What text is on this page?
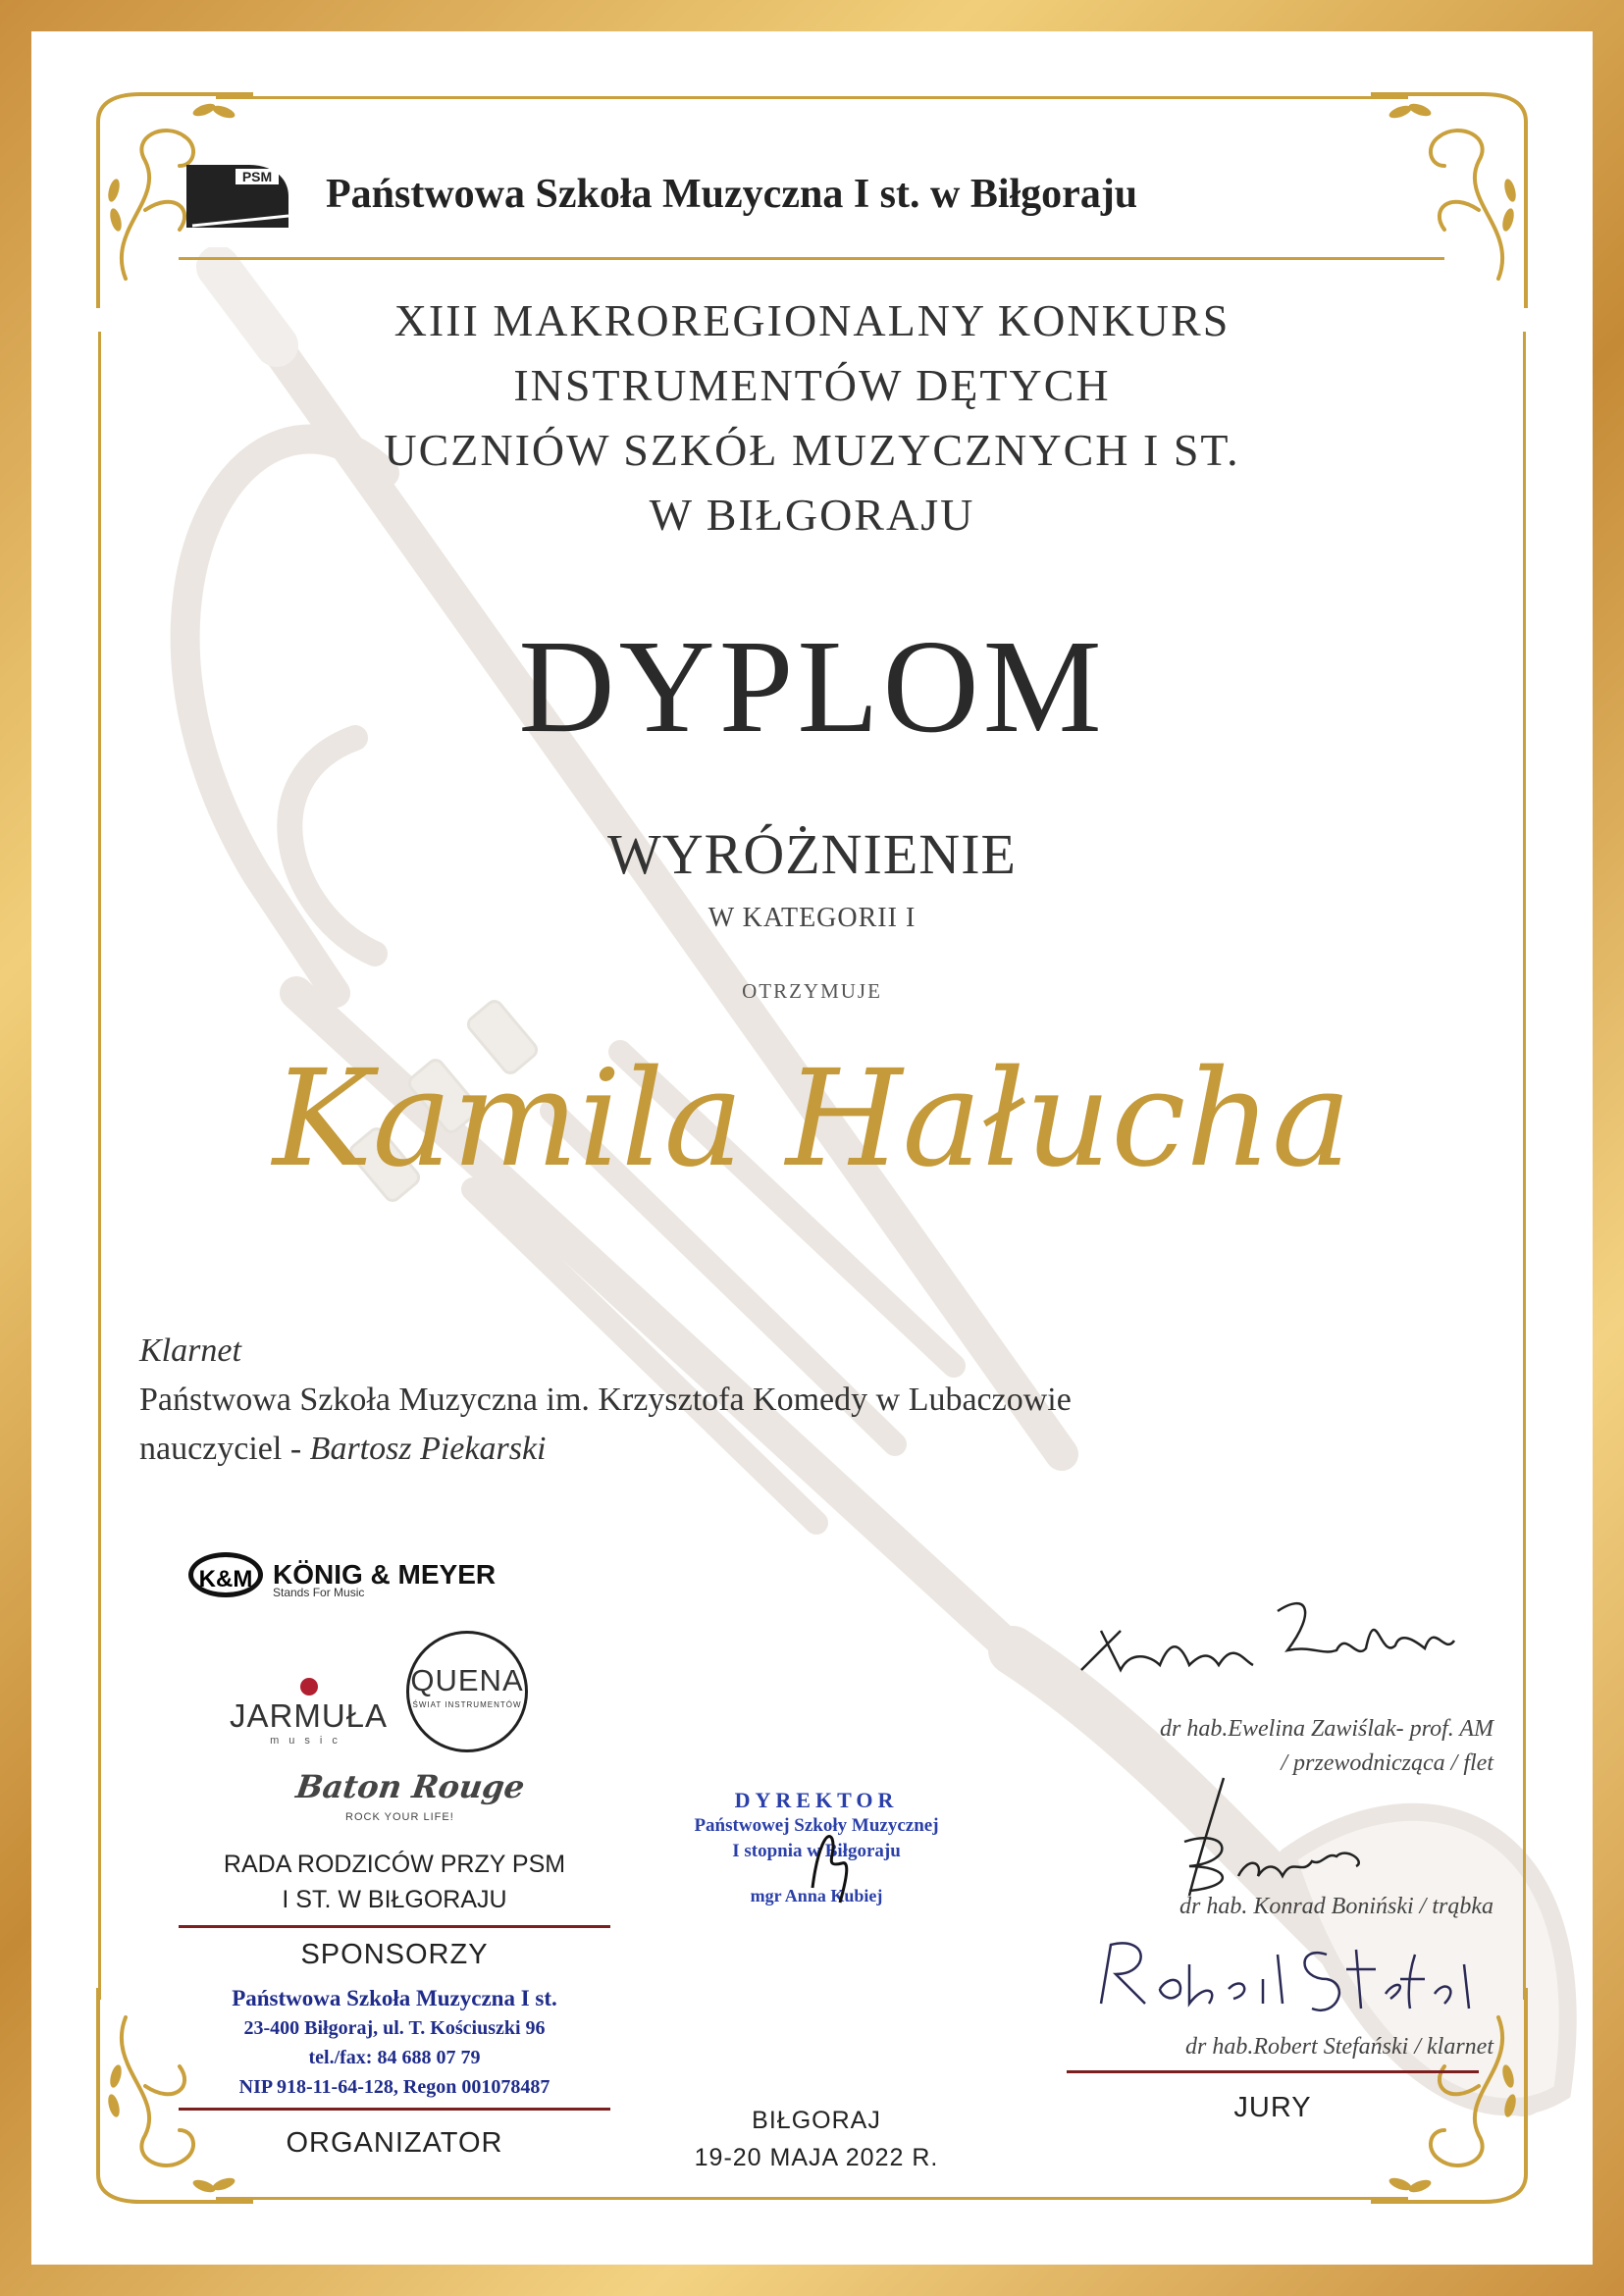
PSM Państwowa Szkoła Muzyczna I st. w Biłgoraju
XIII MAKROREGIONALNY KONKURS
INSTRUMENTÓW DĘTYCH
UCZNIÓW SZKÓŁ MUZYCZNYCH I ST.
W BIŁGORAJU
DYPLOM
WYRÓŻNIENIE
W KATEGORII I
OTRZYMUJE
Kamila Hałucha
Klarnet
Państwowa Szkoła Muzyczna im. Krzysztofa Komedy w Lubaczowie
nauczyciel - Bartosz Piekarski
K&M KÖNIG & MEYER
Stands For Music
JARMUŁA
music
QUENA
ŚWIAT INSTRUMENTÓW
Baton Rouge
ROCK YOUR LIFE!
RADA RODZICÓW PRZY PSM
I ST. W BIŁGORAJU
SPONSORZY
Państwowa Szkoła Muzyczna I st.
23-400 Biłgoraj, ul. T. Kościuszki 96
tel./fax: 84 688 07 79
NIP 918-11-64-128, Regon 001078487
ORGANIZATOR
DYREKTOR
Państwowej Szkoły Muzycznej
I stopnia w Biłgoraju
mgr Anna Kubiej
BIŁGORAJ
19-20 MAJA 2022 R.
dr hab.Ewelina Zawiślak- prof. AM
/ przewodnicząca / flet
dr hab. Konrad Boniński / trąbka
dr hab.Robert Stefański / klarnet
JURY
